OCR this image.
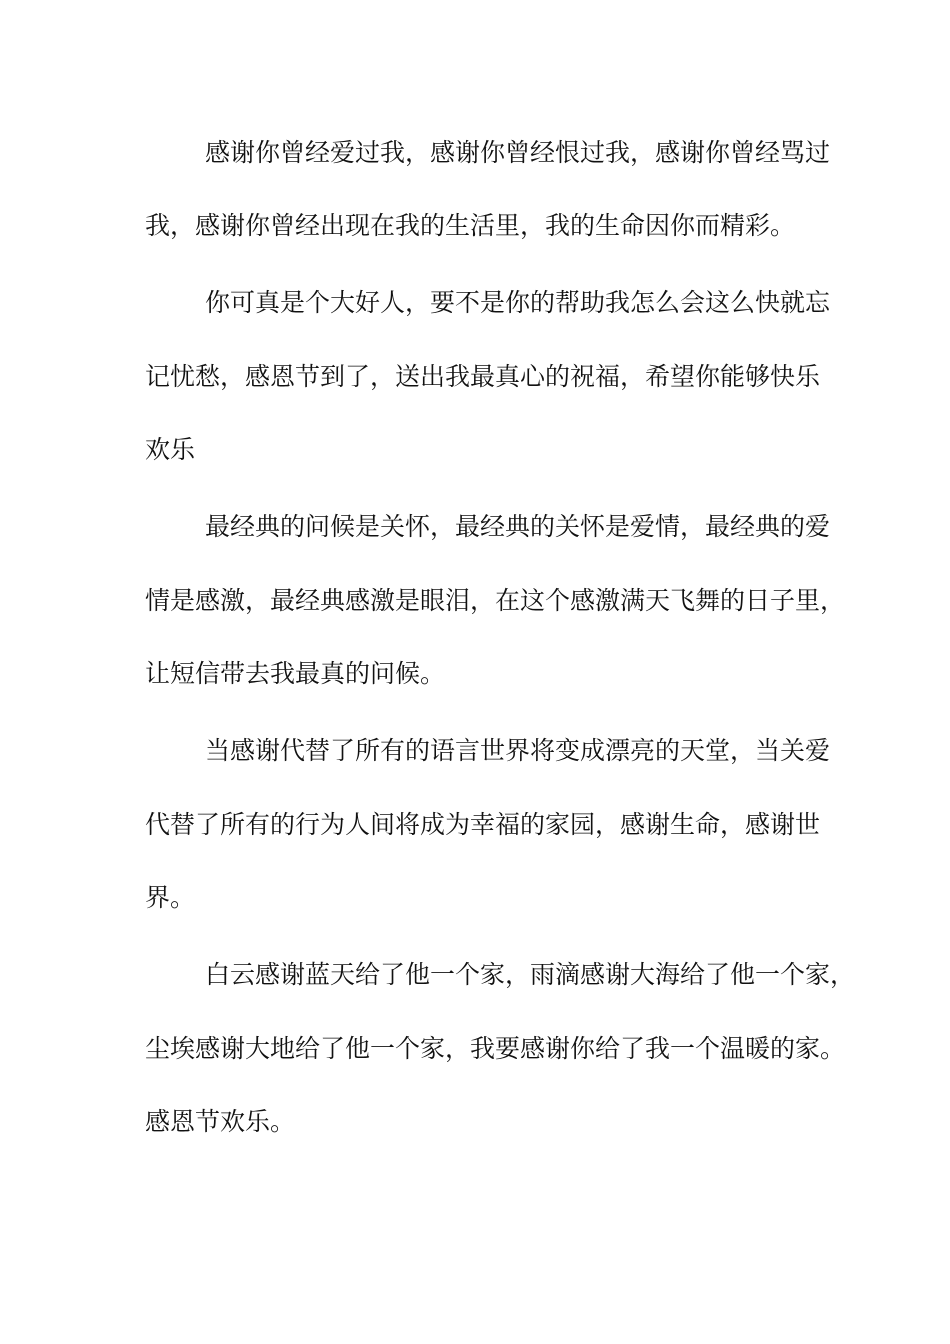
感谢你曾经爱过我，感谢你曾经恨过我，感谢你曾经骂过

我，感谢你曾经出现在我的生活里，我的生命因你而精彩。

你可真是个大好人，要不是你的帮助我怎么会这么快就忘

记忧愁，感恩节到了，送出我最真心的祝福，希望你能够快乐

欢乐

最经典的问候是关怀，最经典的关怀是爱情，最经典的爱

情是感激，最经典感激是眼泪，在这个感激满天飞舞的日子里，

让短信带去我最真的问候。

当感谢代替了所有的语言世界将变成漂亮的天堂，当关爱

代替了所有的行为人间将成为幸福的家园，感谢生命，感谢世

界。

白云感谢蓝天给了他一个家，雨滴感谢大海给了他一个家，

尘埃感谢大地给了他一个家，我要感谢你给了我一个温暖的家。

感恩节欢乐。
